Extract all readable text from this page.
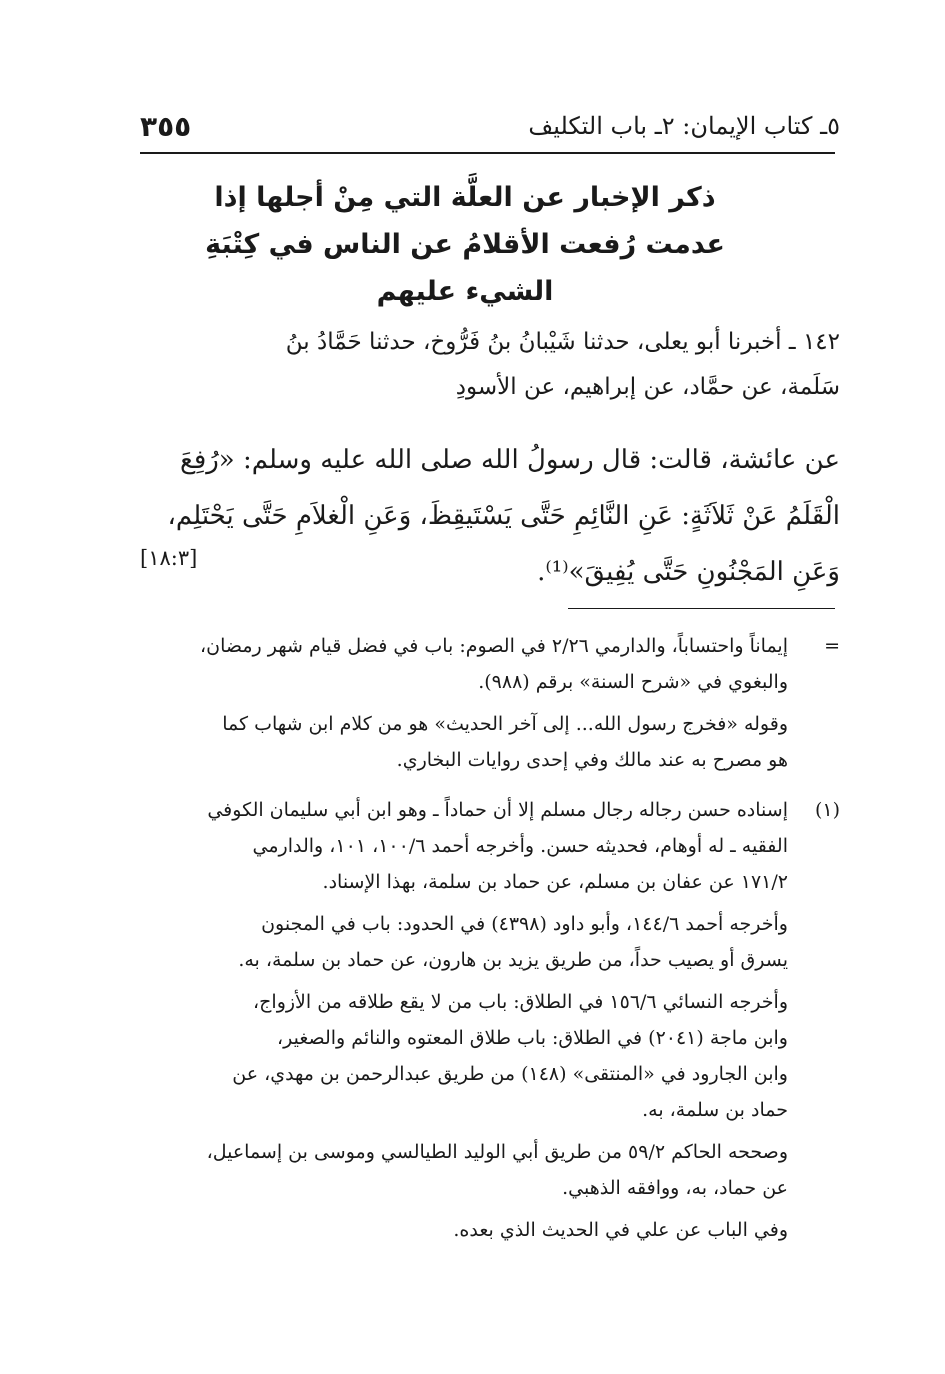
٥ـ كتاب الإيمان: ٢ـ باب التكليف
٣٥٥
ذكر الإخبار عن العلَّة التي مِنْ أجلها إذا
عدمت رُفعت الأقلامُ عن الناس في كِتْبَةِ
الشيء عليهم
١٤٢ ـ أخبرنا أبو يعلى، حدثنا شَيْبانُ بنُ فَرُّوخ، حدثنا حَمَّادُ بنُ
سَلَمة، عن حمَّاد، عن إبراهيم، عن الأسودِ
عن عائشة، قالت: قال رسولُ الله صلى الله عليه وسلم: «رُفِعَ
الْقَلَمُ عَنْ ثَلاَثَةٍ: عَنِ النَّائِمِ حَتَّى يَسْتَيقِظَ، وَعَنِ الْغلاَمِ حَتَّى يَحْتَلِم،
وَعَنِ المَجْنُونِ حَتَّى يُفِيقَ»⁽¹⁾.
[١٨:٣]
=
إيماناً واحتساباً، والدارمي ٢/٢٦ في الصوم: باب في فضل قيام شهر رمضان،
والبغوي في «شرح السنة» برقم (٩٨٨).
وقوله «فخرج رسول الله... إلى آخر الحديث» هو من كلام ابن شهاب كما
هو مصرح به عند مالك وفي إحدى روايات البخاري.
(١)
إسناده حسن رجاله رجال مسلم إلا أن حماداً ـ وهو ابن أبي سليمان الكوفي
الفقيه ـ له أوهام، فحديثه حسن. وأخرجه أحمد ١٠٠/٦، ١٠١، والدارمي
١٧١/٢ عن عفان بن مسلم، عن حماد بن سلمة، بهذا الإسناد.
وأخرجه أحمد ١٤٤/٦، وأبو داود (٤٣٩٨) في الحدود: باب في المجنون
يسرق أو يصيب حداً، من طريق يزيد بن هارون، عن حماد بن سلمة، به.
وأخرجه النسائي ١٥٦/٦ في الطلاق: باب من لا يقع طلاقه من الأزواج،
وابن ماجة (٢٠٤١) في الطلاق: باب طلاق المعتوه والنائم والصغير،
وابن الجارود في «المنتقى» (١٤٨) من طريق عبدالرحمن بن مهدي، عن
حماد بن سلمة، به.
وصححه الحاكم ٥٩/٢ من طريق أبي الوليد الطيالسي وموسى بن إسماعيل،
عن حماد، به، ووافقه الذهبي.
وفي الباب عن علي في الحديث الذي بعده.
